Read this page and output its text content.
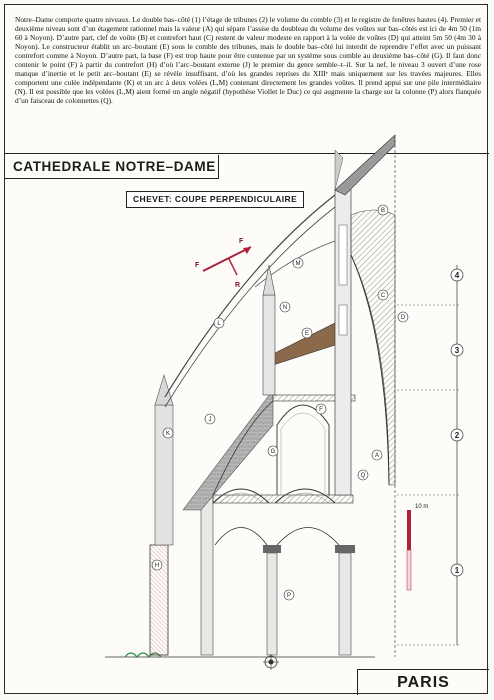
Notre–Dame comporte quatre niveaux. Le double bas–côté (1) l’étage de tribunes (2) le volume du comble (3) et le registre de fenêtres hautes (4). Premier et deuxième niveau sont d’un étagement rationnel mais la valeur (A) qui sépare l’assise du doubleau du volume des voûtes sur bas–côtés est ici de 4m 50 (1m 60 à Noyon). D’autre part, clef de voûte (B) et contrefort haut (C) restent de valeur modeste en rapport à la volée de voûtes (D) qui atteint 5m 50 (4m 30 à Noyon). Le constructeur établit un arc–boutant (E) sous le comble des tribunes, mais le double bas–côté lui interdit de reprendre l’effet avec un puissant contrefort comme à Noyon. D’autre part, la base (F) est trop haute pour être contenue par un système sous comble au deuxième bas–côté (G). Il faut donc contenir le point (F) à partir du contrefort (H) d’où l’arc–boutant externe (J) le premier du genre semble–t–il. Sur la nef, le niveau 3 ouvert d’une rose manque d’inertie et le petit arc–boutant (E) se révèle insuffisant, d’où les grandes reprises du XIIIᵉ mais uniquement sur les travées majeures. Elles comportent une culée indépendante (K) et un arc à deux volées (L,M) contenant directement les grandes voûtes. Il prend appui sur une pile intermédiaire (N). Il est possible que les volées (L,M) aient formé un angle négatif (hypothèse Viollet le Duc) ce qui augmente la charge sur la colonne (P) alors flanquée d’un faisceau de colonnettes (Q).
CATHEDRALE NOTRE–DAME
CHEVET: COUPE PERPENDICULAIRE
4
3
2
1
10 m
F
F
R
A
B
C
D
E
F
G
H
J
K
L
M
N
P
Q
PARIS
